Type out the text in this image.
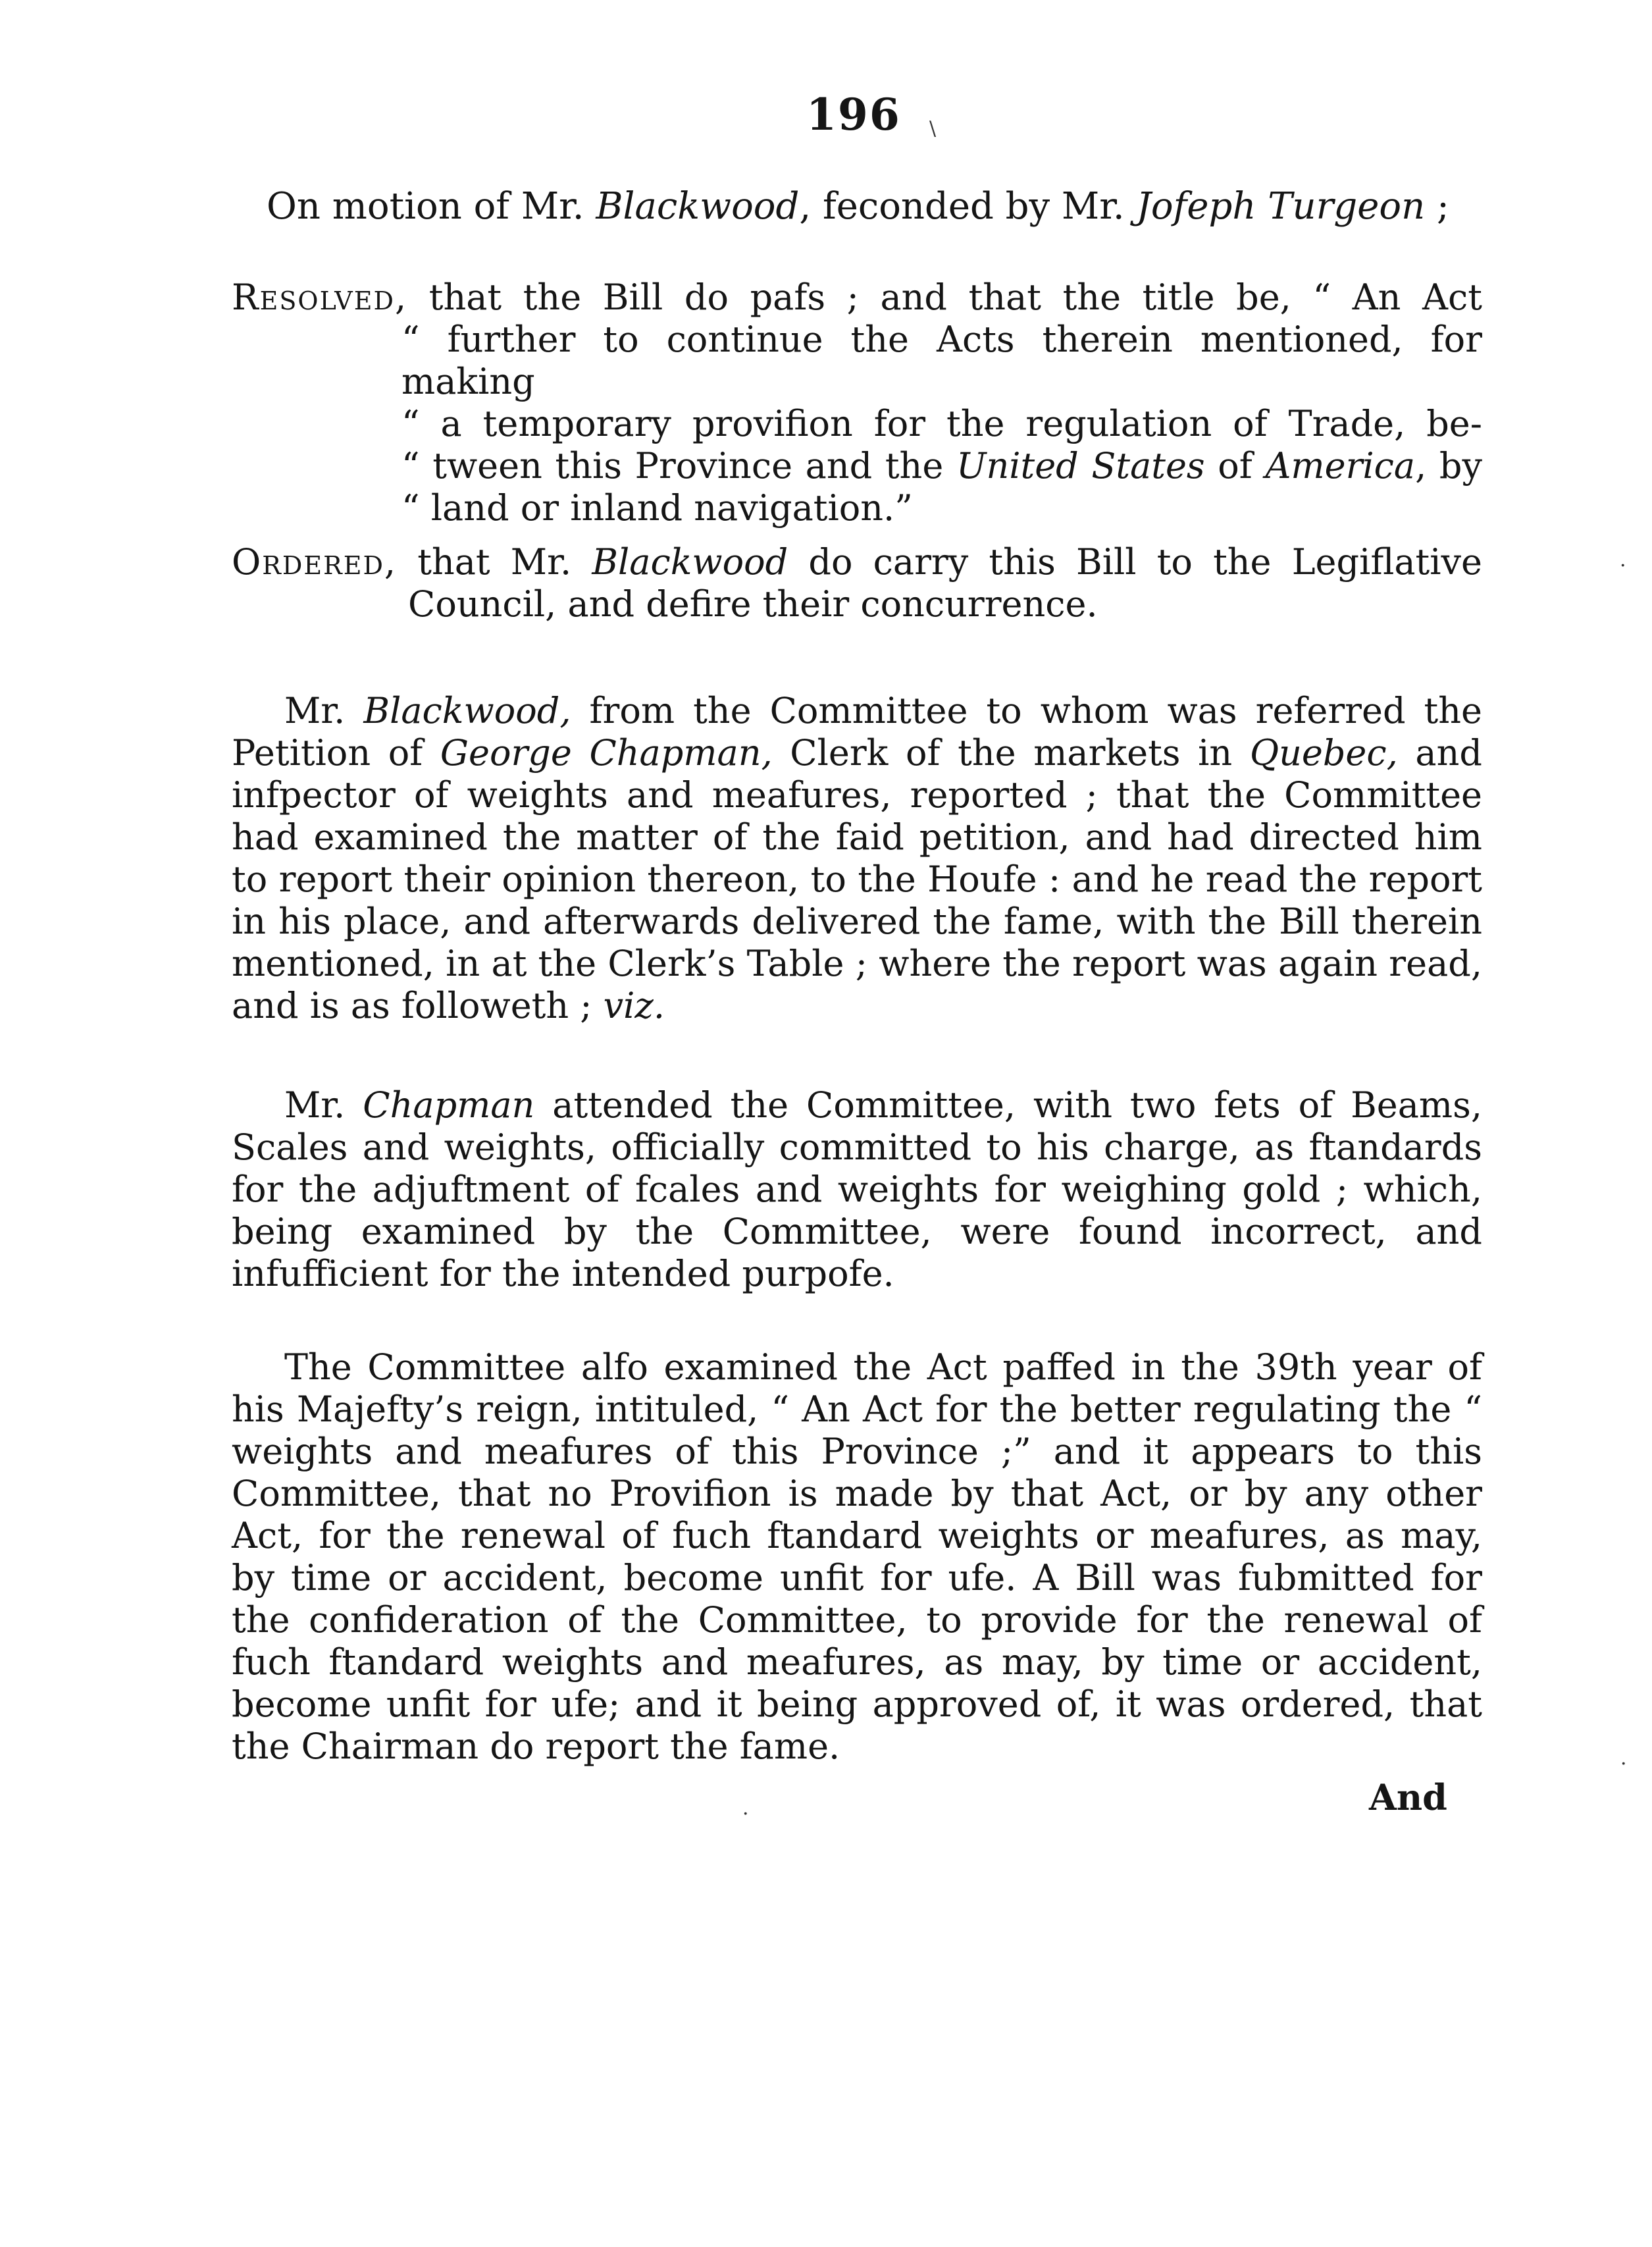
196
On motion of Mr. Blackwood, feconded by Mr. Jofeph Turgeon ;
Resolved, that the Bill do pafs ; and that the title be, “ An Act
“ further to continue the Acts therein mentioned, for making
“ a temporary provifion for the regulation of Trade, be-
“ tween this Province and the United States of America, by
“ land or inland navigation.”
Ordered, that Mr. Blackwood do carry this Bill to the Legiflative
Council, and defire their concurrence.
Mr. Blackwood, from the Committee to whom was referred the Petition of George Chapman, Clerk of the markets in Quebec, and infpector of weights and meafures, reported ; that the Committee had examined the matter of the faid petition, and had directed him to report their opinion thereon, to the Houfe : and he read the report in his place, and afterwards delivered the fame, with the Bill therein mentioned, in at the Clerk’s Table ; where the report was again read, and is as followeth ; viz.
Mr. Chapman attended the Committee, with two fets of Beams, Scales and weights, officially committed to his charge, as ftandards for the adjuftment of fcales and weights for weighing gold ; which, being examined by the Committee, were found incorrect, and infufficient for the intended purpofe.
The Committee alfo examined the Act paffed in the 39th year of his Majefty’s reign, intituled, “ An Act for the better regulating the “ weights and meafures of this Province ;” and it appears to this Committee, that no Provifion is made by that Act, or by any other Act, for the renewal of fuch ftandard weights or meafures, as may, by time or accident, become unfit for ufe. A Bill was fubmitted for the confideration of the Committee, to provide for the renewal of fuch ftandard weights and meafures, as may, by time or accident, become unfit for ufe; and it being approved of, it was ordered, that the Chairman do report the fame.
And
\
·
·
·
